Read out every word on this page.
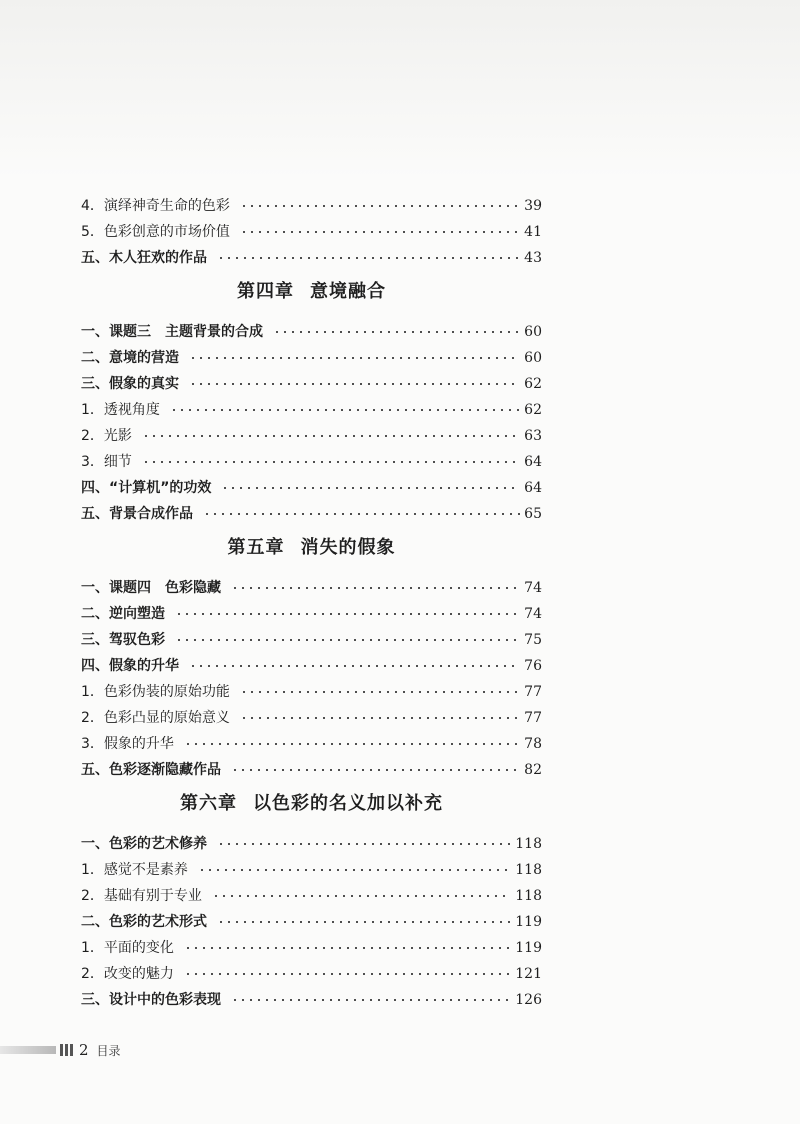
4．演绎神奇生命的色彩	39
5．色彩创意的市场价值	41
五、木人狂欢的作品	43
第四章 意境融合
一、课题三　主题背景的合成	60
二、意境的营造	60
三、假象的真实	62
1．透视角度	62
2．光影	63
3．细节	64
四、“计算机”的功效	64
五、背景合成作品	65
第五章 消失的假象
一、课题四　色彩隐藏	74
二、逆向塑造	74
三、驾驭色彩	75
四、假象的升华	76
1．色彩伪装的原始功能	77
2．色彩凸显的原始意义	77
3．假象的升华	78
五、色彩逐渐隐藏作品	82
第六章 以色彩的名义加以补充
一、色彩的艺术修养	118
1．感觉不是素养	118
2．基础有别于专业	118
二、色彩的艺术形式	119
1．平面的变化	119
2．改变的魅力	121
三、设计中的色彩表现	126
2 目录
